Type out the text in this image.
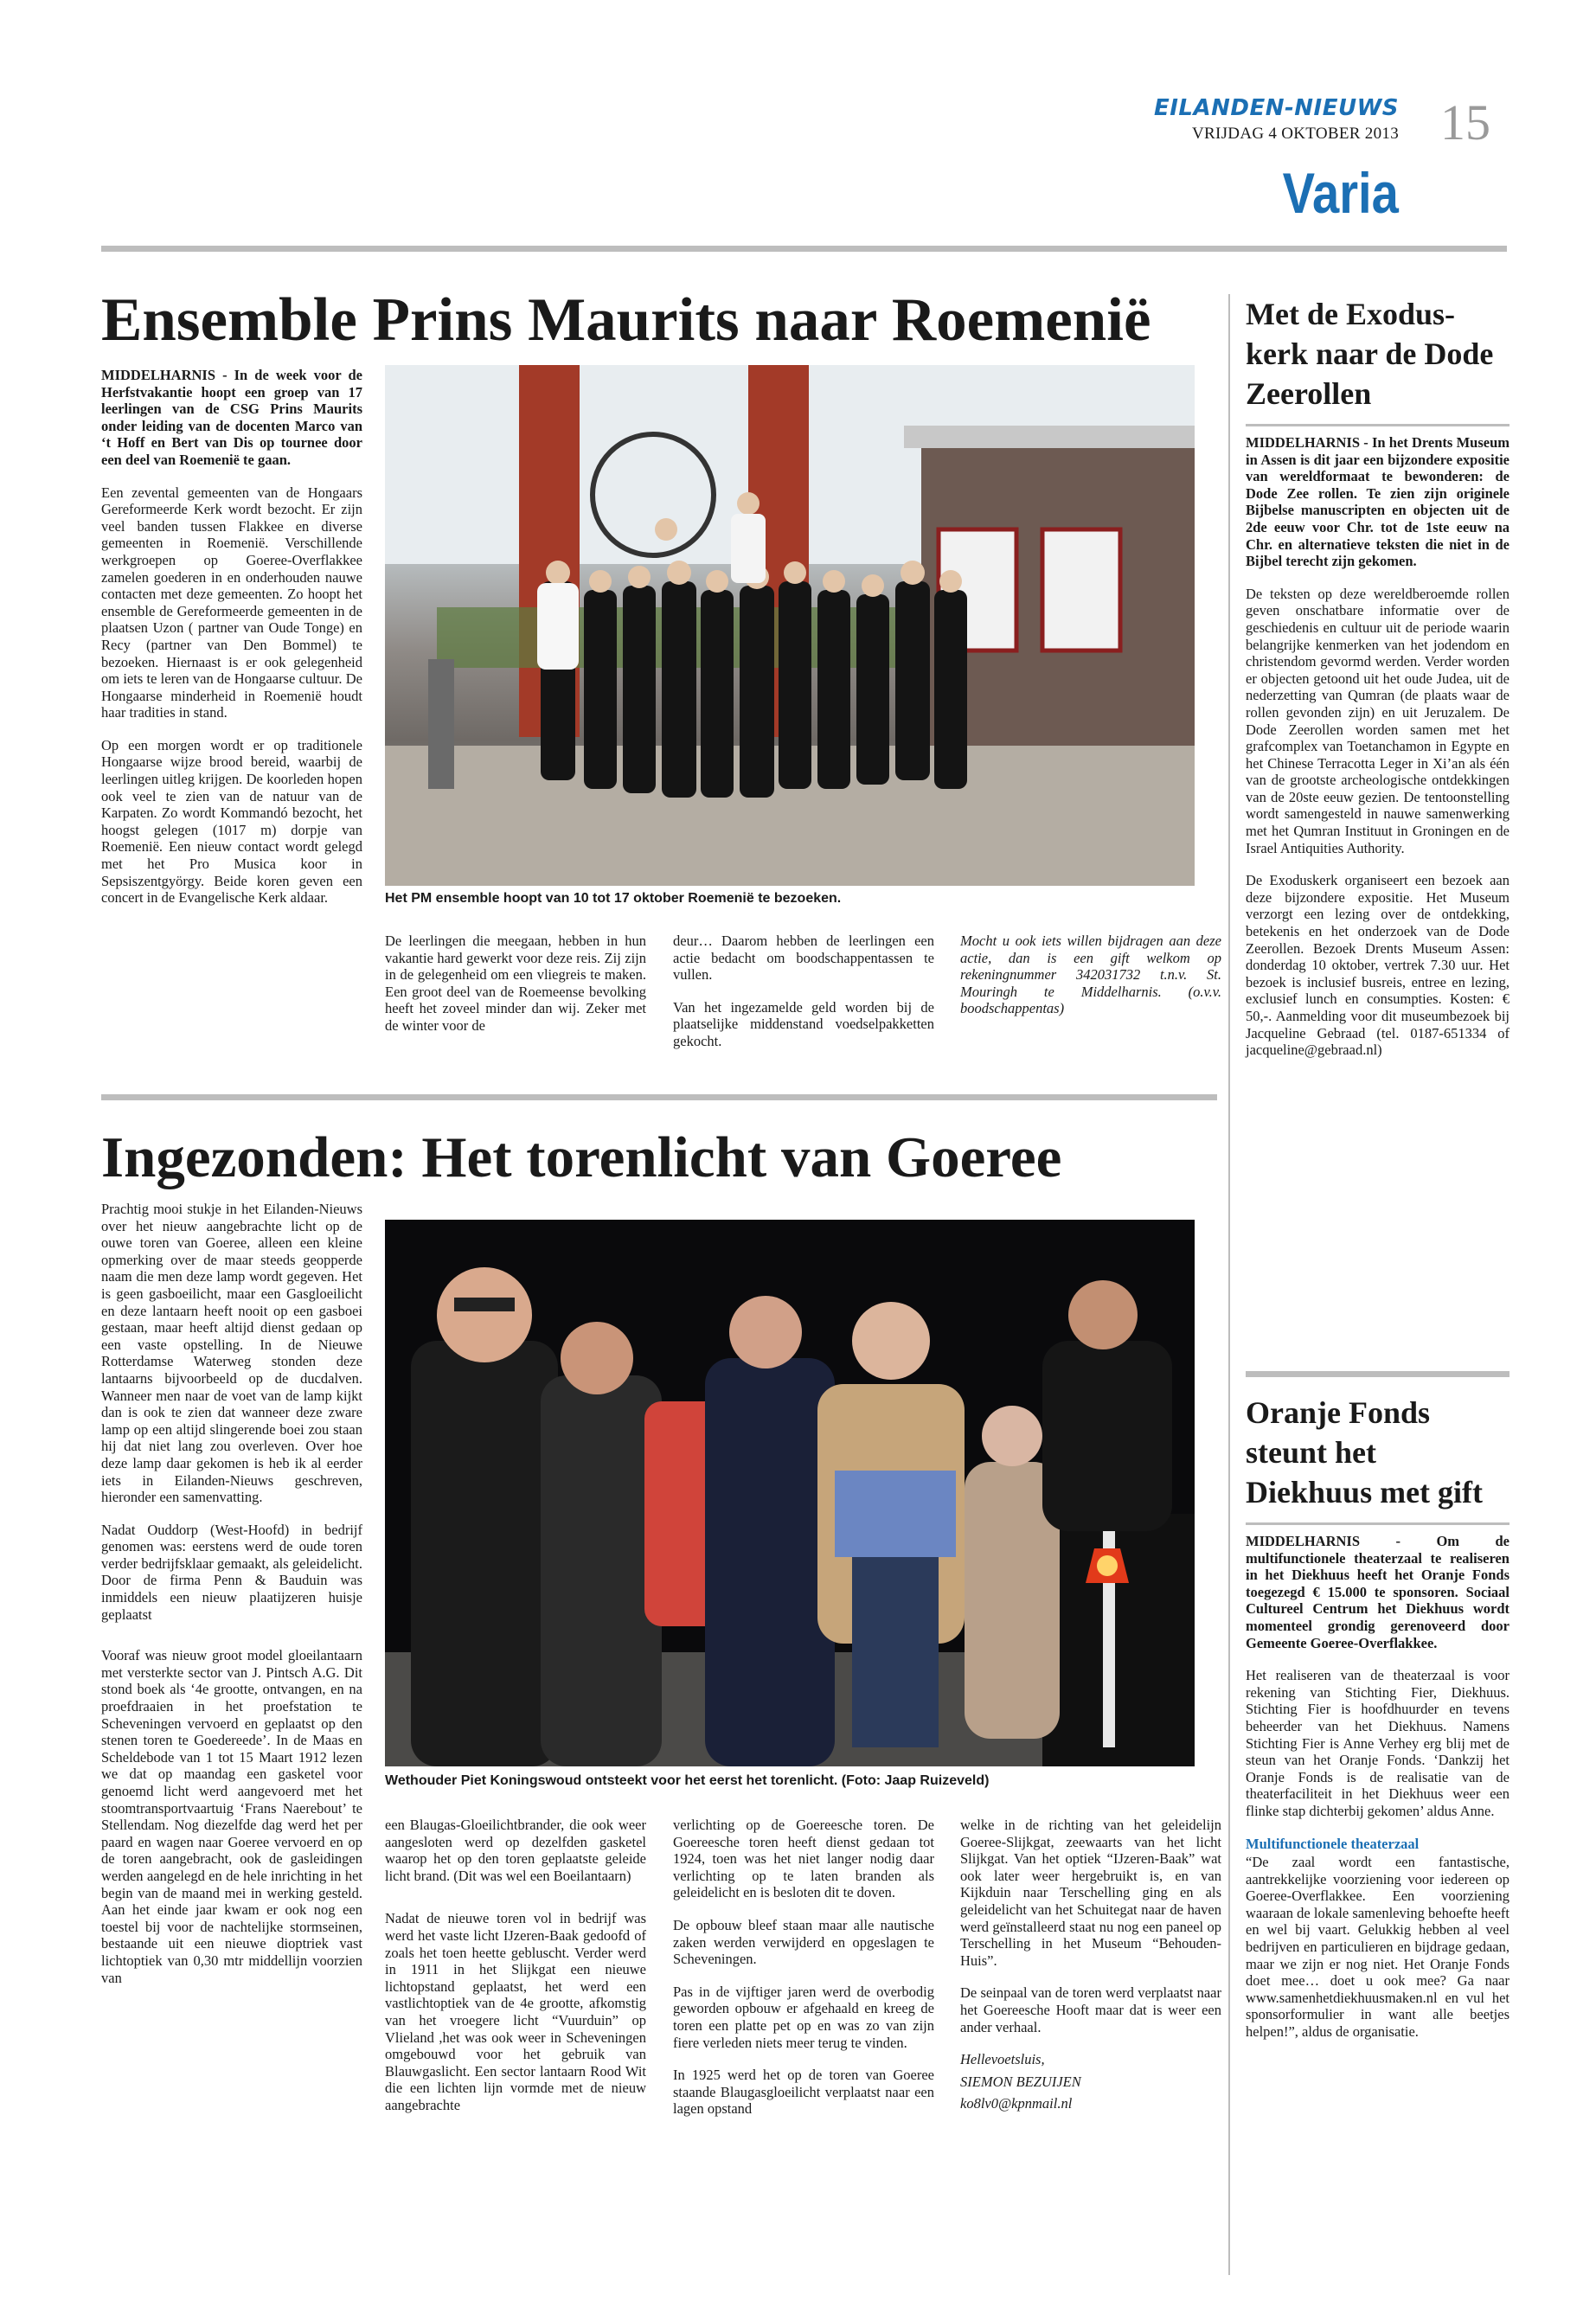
EILANDEN-NIEUWS
VRIJDAG 4 OKTOBER 2013 15
Varia
Ensemble Prins Maurits naar Roemenië

MIDDELHARNIS - In de week voor de Herfstvakantie hoopt een groep van 17 leerlingen van de CSG Prins Maurits onder leiding van de docenten Marco van ‘t Hoff en Bert van Dis op tournee door een deel van Roemenië te gaan.

Een zevental gemeenten van de Hongaars Gereformeerde Kerk wordt bezocht. Er zijn veel banden tussen Flakkee en diverse gemeenten in Roemenië. Verschillende werkgroepen op Goeree-Overflakkee zamelen goederen in en onderhouden nauwe contacten met deze gemeenten. Zo hoopt het ensemble de Gereformeerde gemeenten in de plaatsen Uzon ( partner van Oude Tonge) en Recy (partner van Den Bommel) te bezoeken. Hiernaast is er ook gelegenheid om iets te leren van de Hongaarse cultuur. De Hongaarse minderheid in Roemenië houdt haar tradities in stand.

Op een morgen wordt er op traditionele Hongaarse wijze brood bereid, waarbij de leerlingen uitleg krijgen. De koorleden hopen ook veel te zien van de natuur van de Karpaten. Zo wordt Kommandó bezocht, het hoogst gelegen (1017 m) dorpje van Roemenië. Een nieuw contact wordt gelegd met het Pro Musica koor in Sepsiszentgyörgy. Beide koren geven een concert in de Evangelische Kerk aldaar.	Het PM ensemble hoopt van 10 tot 17 oktober Roemenië te bezoeken.

De leerlingen die meegaan, hebben in hun vakantie hard gewerkt voor deze reis. Zij zijn in de gelegenheid om een vliegreis te maken. Een groot deel van de Roemeense bevolking heeft het zoveel minder dan wij. Zeker met de winter voor de

deur… Daarom hebben de leerlingen een actie bedacht om boodschappentassen te vullen.

Van het ingezamelde geld worden bij de plaatselijke middenstand voedselpakketten gekocht.

Mocht u ook iets willen bijdragen aan deze actie, dan is een gift welkom op rekeningnummer 342031732 t.n.v. St. Mouringh te Middelharnis. (o.v.v. boodschappentas)

Ingezonden: Het torenlicht van Goeree

Prachtig mooi stukje in het Eilanden-Nieuws over het nieuw aangebrachte licht op de ouwe toren van Goeree, alleen een kleine opmerking over de maar steeds geopperde naam die men deze lamp wordt gegeven. Het is geen gasboeilicht, maar een Gasgloeilicht en deze lantaarn heeft nooit op een gasboei gestaan, maar heeft altijd dienst gedaan op een vaste opstelling. In de Nieuwe Rotterdamse Waterweg stonden deze lantaarns bijvoorbeeld op de ducdalven. Wanneer men naar de voet van de lamp kijkt dan is ook te zien dat wanneer deze zware lamp op een altijd slingerende boei zou staan hij dat niet lang zou overleven. Over hoe deze lamp daar gekomen is heb ik al eerder iets in Eilanden-Nieuws geschreven, hieronder een samenvatting.

Nadat Ouddorp (West-Hoofd) in bedrijf genomen was: eerstens werd de oude toren verder bedrijfsklaar gemaakt, als geleidelicht. Door de firma Penn & Bauduin was inmiddels een nieuw plaatijzeren huisje geplaatst

Vooraf was nieuw groot model gloeilantaarn met versterkte sector van J. Pintsch A.G. Dit stond boek als ‘4e grootte, ontvangen, en na proefdraaien in het proefstation te Scheveningen vervoerd en geplaatst op den stenen toren te Goedereede’. In de Maas en Scheldebode van 1 tot 15 Maart 1912 lezen we dat op maandag een gasketel voor genoemd licht werd aangevoerd met het stoomtransportvaartuig ‘Frans Naerebout’ te Stellendam. Nog diezelfde dag werd het per paard en wagen naar Goeree vervoerd en op de toren aangebracht, ook de gasleidingen werden aangelegd en de hele inrichting in het begin van de maand mei in werking gesteld. Aan het einde jaar kwam er ook nog een toestel bij voor de nachtelijke stormseinen, bestaande uit een nieuwe dioptriek vast lichtoptiek van 0,30 mtr middellijn voorzien van

Wethouder Piet Koningswoud ontsteekt voor het eerst het torenlicht. (Foto: Jaap Ruizeveld)

een Blaugas-Gloeilichtbrander, die ook weer aangesloten werd op dezelfden gasketel waarop het op den toren geplaatste geleide licht brand. (Dit was wel een Boeilantaarn)

Nadat de nieuwe toren vol in bedrijf was werd het vaste licht IJzeren-Baak gedoofd of zoals het toen heette gebluscht. Verder werd in 1911 in het Slijkgat een nieuwe lichtopstand geplaatst, het werd een vastlichtoptiek van de 4e grootte, afkomstig van het vroegere licht “Vuurduin” op Vlieland ,het was ook weer in Scheveningen omgebouwd voor het gebruik van Blauwgaslicht. Een sector lantaarn Rood Wit die een lichten lijn vormde met de nieuw aangebrachte

verlichting op de Goereesche toren. De Goereesche toren heeft dienst gedaan tot 1924, toen was het niet langer nodig daar verlichting op te laten branden als geleidelicht en is besloten dit te doven.

De opbouw bleef staan maar alle nautische zaken werden verwijderd en opgeslagen te Scheveningen.

Pas in de vijftiger jaren werd de overbodig geworden opbouw er afgehaald en kreeg de toren een platte pet op en was zo van zijn fiere verleden niets meer terug te vinden.

In 1925 werd het op de toren van Goeree staande Blaugasgloeilicht verplaatst naar een lagen opstand

welke in de richting van het geleidelijn Goeree-Slijkgat, zeewaarts van het licht Slijkgat. Van het optiek “IJzeren-Baak” wat ook later weer hergebruikt is, en van Kijkduin naar Terschelling ging en als geleidelicht van het Schuitegat naar de haven werd geïnstalleerd staat nu nog een paneel op Terschelling in het Museum “Behouden- Huis”.

De seinpaal van de toren werd verplaatst naar het Goereesche Hooft maar dat is weer een ander verhaal.

Hellevoetsluis,

SIEMON BEZUIJEN

ko8lv0@kpnmail.nl

Met de Exodus-kerk naar de Dode Zeerollen

MIDDELHARNIS - In het Drents Museum in Assen is dit jaar een bijzondere expositie van wereldformaat te bewonderen: de Dode Zee rollen. Te zien zijn originele Bijbelse manuscripten en objecten uit de 2de eeuw voor Chr. tot de 1ste eeuw na Chr. en alternatieve teksten die niet in de Bijbel terecht zijn gekomen.

De teksten op deze wereldberoemde rollen geven onschatbare informatie over de geschiedenis en cultuur uit de periode waarin belangrijke kenmerken van het jodendom en christendom gevormd werden. Verder worden er objecten getoond uit het oude Judea, uit de nederzetting van Qumran (de plaats waar de rollen gevonden zijn) en uit Jeruzalem. De Dode Zeerollen worden samen met het grafcomplex van Toetanchamon in Egypte en het Chinese Terracotta Leger in Xi’an als één van de grootste archeologische ontdekkingen van de 20ste eeuw gezien. De tentoonstelling wordt samengesteld in nauwe samenwerking met het Qumran Instituut in Groningen en de Israel Antiquities Authority.

De Exoduskerk organiseert een bezoek aan deze bijzondere expositie. Het Museum verzorgt een lezing over de ontdekking, betekenis en het onderzoek van de Dode Zeerollen. Bezoek Drents Museum Assen: donderdag 10 oktober, vertrek 7.30 uur. Het bezoek is inclusief busreis, entree en lezing, exclusief lunch en consumpties. Kosten: € 50,-. Aanmelding voor dit museumbezoek bij Jacqueline Gebraad (tel. 0187-651334 of jacqueline@gebraad.nl)

Oranje Fonds steunt het Diekhuus met gift

MIDDELHARNIS - Om de multifunctionele theaterzaal te realiseren in het Diekhuus heeft het Oranje Fonds toegezegd € 15.000 te sponsoren. Sociaal Cultureel Centrum het Diekhuus wordt momenteel grondig gerenoveerd door Gemeente Goeree-Overflakkee.

Het realiseren van de theaterzaal is voor rekening van Stichting Fier, Diekhuus. Stichting Fier is hoofdhuurder en tevens beheerder van het Diekhuus. Namens Stichting Fier is Anne Verhey erg blij met de steun van het Oranje Fonds. ‘Dankzij het Oranje Fonds is de realisatie van de theaterfaciliteit in het Diekhuus weer een flinke stap dichterbij gekomen’ aldus Anne.

Multifunctionele theaterzaal

“De zaal wordt een fantastische, aantrekkelijke voorziening voor iedereen op Goeree-Overflakkee. Een voorziening waaraan de lokale samenleving behoefte heeft en wel bij vaart. Gelukkig hebben al veel bedrijven en particulieren en bijdrage gedaan, maar we zijn er nog niet. Het Oranje Fonds doet mee… doet u ook mee? Ga naar www.samenhetdiekhuusmaken.nl en vul het sponsorformulier in want alle beetjes helpen!”, aldus de organisatie.
